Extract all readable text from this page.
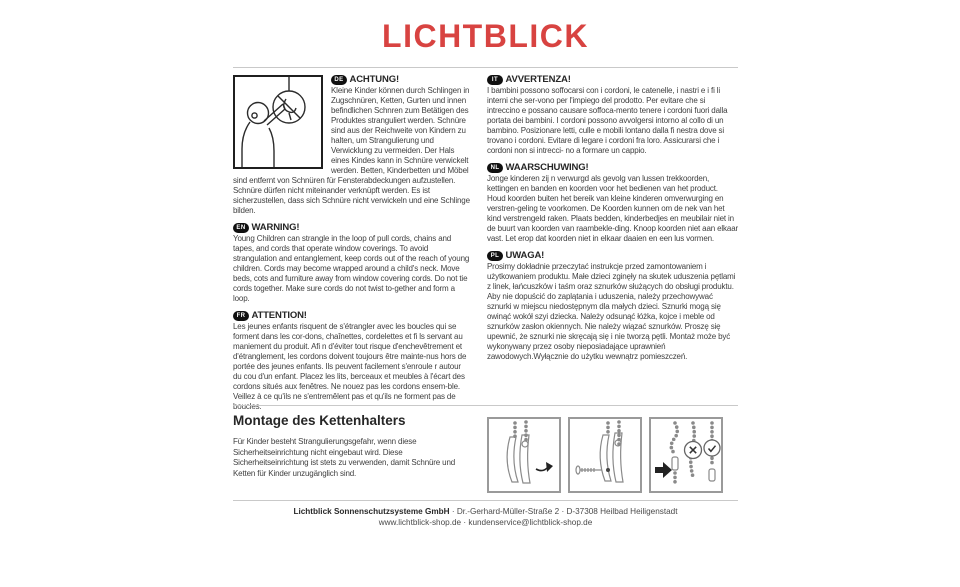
LICHTBLICK

DE ACHTUNG!

Kleine Kinder können durch Schlingen in Zugschnüren, Ketten, Gurten und innen befindlichen Schnren zum Betätigen des Produktes stranguliert werden. Schnüre sind aus der Reichweite von Kindern zu halten, um Strangulierung und Verwicklung zu vermeiden. Der Hals eines Kindes kann in Schnüre verwickelt werden. Betten, Kinderbetten und Möbel sind entfernt von Schnüren für Fensterabdeckungen aufzustellen. Schnüre dürfen nicht miteinander verknüpft werden. Es ist sicherzustellen, dass sich Schnüre nicht verwickeln und eine Schlinge bilden.

EN WARNING!

Young Children can strangle in the loop of pull cords, chains and tapes, and cords that operate window coverings. To avoid strangulation and entanglement, keep cords out of the reach of young children. Cords may become wrapped around a child's neck. Move beds, cots and furniture away from window covering cords. Do not tie cords together. Make sure cords do not twist to-gether and form a loop.

FR ATTENTION!

Les jeunes enfants risquent de s'étrangler avec les boucles qui se forment dans les cor-dons, chaînettes, cordelettes et fi ls servant au maniement du produit. Afi n d'éviter tout risque d'enchevêtrement et d'étranglement, les cordons doivent toujours être mainte-nus hors de portée des jeunes enfants. Ils peuvent facilement s'enroule r autour du cou d'un enfant. Placez les lits, berceaux et meubles à l'écart des cordons situés aux fenêtres. Ne nouez pas les cordons ensem-ble. Veillez à ce qu'ils ne s'entremêlent pas et qu'ils ne forment pas de boucles.

IT AVVERTENZA!

I bambini possono soffocarsi con i cordoni, le catenelle, i nastri e i fi li interni che ser-vono per l'impiego del prodotto. Per evitare che si intreccino e possano causare soffoca-mento tenere i cordoni fuori dalla portata dei bambini. I cordoni possono avvolgersi intorno al collo di un bambino. Posizionare letti, culle e mobili lontano dalla fi nestra dove si trovano i cordoni. Evitare di legare i cordoni fra loro. Assicurarsi che i cordoni non si intrecci- no a formare un cappio.

NL WAARSCHUWING!

Jonge kinderen zij n verwurgd als gevolg van lussen trekkoorden, kettingen en banden en koorden voor het bedienen van het product. Houd koorden buiten het bereik van kleine kinderen omverwurging en verstren-geling te voorkomen. De Koorden kunnen om de nek van het kind verstrengeld raken. Plaats bedden, kinderbedjes en meubilair niet in de buurt van koorden van raambekle-ding. Knoop koorden niet aan elkaar vast. Let erop dat koorden niet in elkaar daaien en een lus vormen.

PL UWAGA!

Prosimy dokładnie przeczytać instrukcje przed zamontowaniem i użytkowaniem produktu. Małe dzieci zginęły na skutek uduszenia pętlami z linek, łańcuszków i taśm oraz sznurków służących do obsługi produktu. Aby nie dopuścić do zaplątania i uduszenia, należy przechowywać sznurki w miejscu niedostępnym dla małych dzieci. Sznurki mogą się owinąć wokół szyi dziecka. Należy odsunąć łóżka, kojce i meble od sznurków zasłon okiennych. Nie należy wiązać sznurków. Proszę się upewnić, że sznurki nie skręcają się i nie tworzą pętli. Montaż może być wykonywany przez osoby nieposiadające uprawnień zawodowych.Wyłącznie do użytku wewnątrz pomieszczeń.

Montage des Kettenhalters
Für Kinder besteht Strangulierungsgefahr, wenn diese Sicherheitseinrichtung nicht eingebaut wird. Diese Sicherheitseinrichtung ist stets zu verwenden, damit Schnüre und Ketten für Kinder unzugänglich sind.
Lichtblick Sonnenschutzsysteme GmbH · Dr.-Gerhard-Müller-Straße 2 · D-37308 Heilbad Heiligenstadt
www.lichtblick-shop.de · kundenservice@lichtblick-shop.de
